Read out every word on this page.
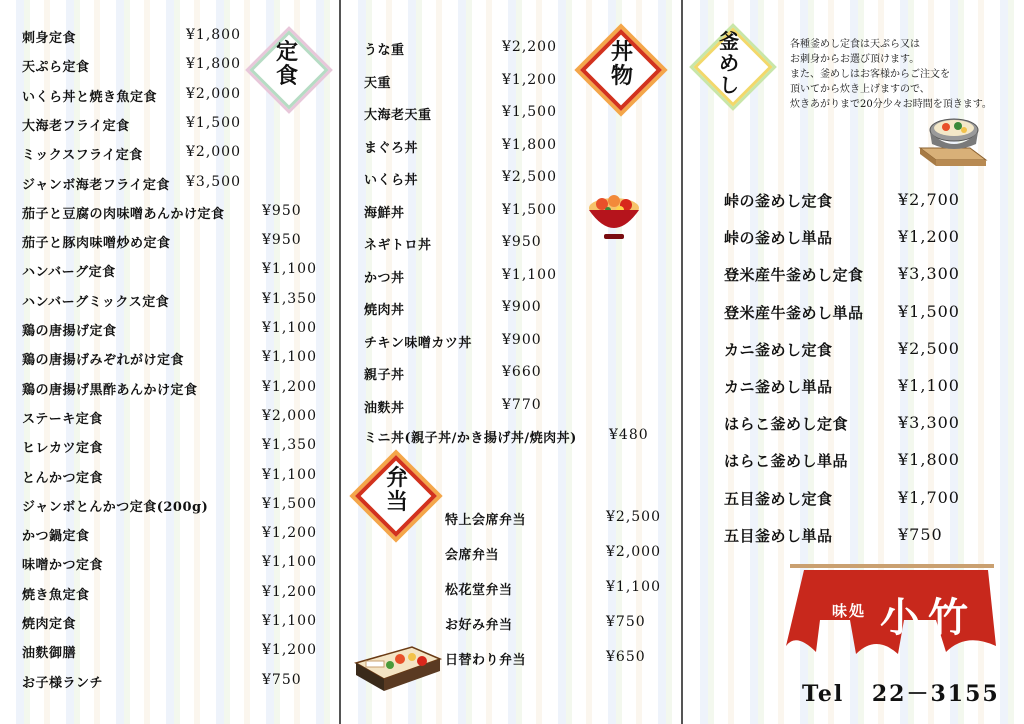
刺身定食	¥1,800
天ぷら定食	¥1,800
いくら丼と焼き魚定食 ¥2,000
大海老フライ定食	¥1,500
ミックスフライ定食	¥2,000
ジャンボ海老フライ定食 ¥3,500
茄子と豆腐の肉味噌あんかけ定食	¥950
茄子と豚肉味噌炒め定食	¥950
ハンバーグ定食	¥1,100
ハンバーグミックス定食	¥1,350
鶏の唐揚げ定食	¥1,100
鶏の唐揚げみぞれがけ定食	¥1,100
鶏の唐揚げ黒酢あんかけ定食	¥1,200
ステーキ定食	¥2,000
ヒレカツ定食	¥1,350
とんかつ定食	¥1,100
ジャンボとんかつ定食(200g)	¥1,500
かつ鍋定食	¥1,200
味噌かつ定食	¥1,100
焼き魚定食	¥1,200
焼肉定食	¥1,100
油麩御膳	¥1,200
お子様ランチ	¥750
定食
うな重	¥2,200
天重	¥1,200
大海老天重	¥1,500
まぐろ丼	¥1,800
いくら丼	¥2,500
海鮮丼	¥1,500
ネギトロ丼	¥950
かつ丼	¥1,100
焼肉丼	¥900
チキン味噌カツ丼 ¥900
親子丼	¥660
油麩丼	¥770
ミニ丼(親子丼/かき揚げ丼/焼肉丼) ¥480
丼物
特上会席弁当	¥2,500
会席弁当	¥2,000
松花堂弁当	¥1,100
お好み弁当	¥750
日替わり弁当	¥650
弁当
釜めし
各種釜めし定食は天ぷら又は
お刺身からお選び頂けます。
また、釜めしはお客様からご注文を
頂いてから炊き上げますので、
炊きあがりまで20分少々お時間を頂きます。
峠の釜めし定食	¥2,700
峠の釜めし単品	¥1,200
登米産牛釜めし定食 ¥3,300
登米産牛釜めし単品 ¥1,500
カニ釜めし定食	¥2,500
カニ釜めし単品	¥1,100
はらこ釜めし定食	¥3,300
はらこ釜めし単品	¥1,800
五目釜めし定食	¥1,700
五目釜めし単品	¥750
味処 小竹
Tel 22－3155
